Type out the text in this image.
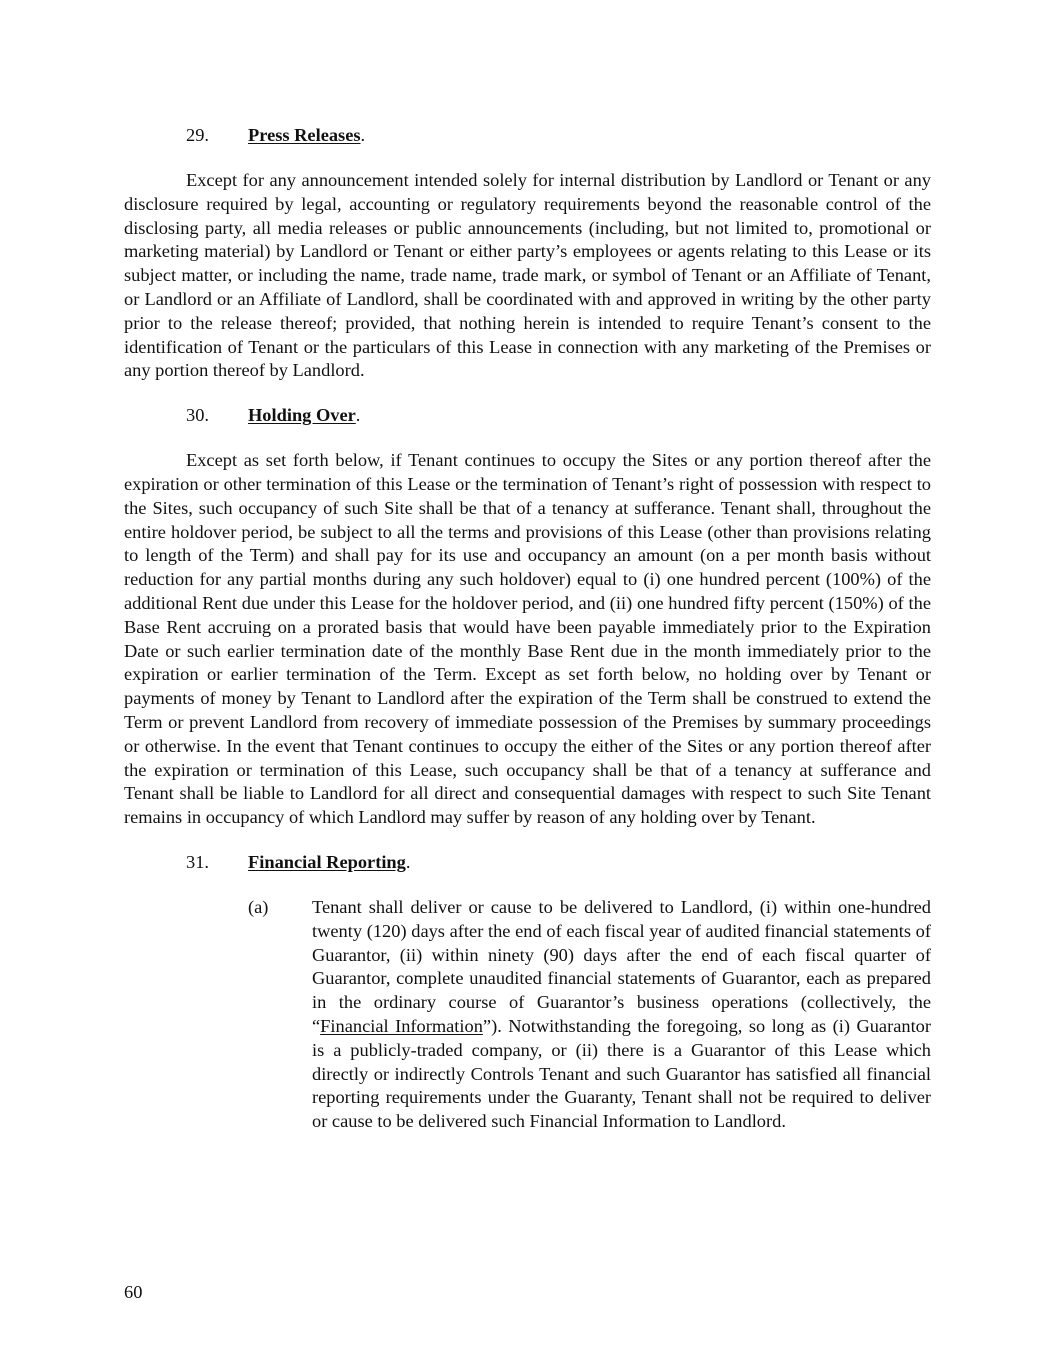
29. Press Releases.

Except for any announcement intended solely for internal distribution by Landlord or Tenant or any disclosure required by legal, accounting or regulatory requirements beyond the reasonable control of the disclosing party, all media releases or public announcements (including, but not limited to, promotional or marketing material) by Landlord or Tenant or either party’s employees or agents relating to this Lease or its subject matter, or including the name, trade name, trade mark, or symbol of Tenant or an Affiliate of Tenant, or Landlord or an Affiliate of Landlord, shall be coordinated with and approved in writing by the other party prior to the release thereof; provided, that nothing herein is intended to require Tenant’s consent to the identification of Tenant or the particulars of this Lease in connection with any marketing of the Premises or any portion thereof by Landlord.

30. Holding Over.

Except as set forth below, if Tenant continues to occupy the Sites or any portion thereof after the expiration or other termination of this Lease or the termination of Tenant’s right of possession with respect to the Sites, such occupancy of such Site shall be that of a tenancy at sufferance. Tenant shall, throughout the entire holdover period, be subject to all the terms and provisions of this Lease (other than provisions relating to length of the Term) and shall pay for its use and occupancy an amount (on a per month basis without reduction for any partial months during any such holdover) equal to (i) one hundred percent (100%) of the additional Rent due under this Lease for the holdover period, and (ii) one hundred fifty percent (150%) of the Base Rent accruing on a prorated basis that would have been payable immediately prior to the Expiration Date or such earlier termination date of the monthly Base Rent due in the month immediately prior to the expiration or earlier termination of the Term. Except as set forth below, no holding over by Tenant or payments of money by Tenant to Landlord after the expiration of the Term shall be construed to extend the Term or prevent Landlord from recovery of immediate possession of the Premises by summary proceedings or otherwise. In the event that Tenant continues to occupy the either of the Sites or any portion thereof after the expiration or termination of this Lease, such occupancy shall be that of a tenancy at sufferance and Tenant shall be liable to Landlord for all direct and consequential damages with respect to such Site Tenant remains in occupancy of which Landlord may suffer by reason of any holding over by Tenant.

31. Financial Reporting.
(a) Tenant shall deliver or cause to be delivered to Landlord, (i) within one-hundred twenty (120) days after the end of each fiscal year of audited financial statements of Guarantor, (ii) within ninety (90) days after the end of each fiscal quarter of Guarantor, complete unaudited financial statements of Guarantor, each as prepared in the ordinary course of Guarantor’s business operations (collectively, the “Financial Information”). Notwithstanding the foregoing, so long as (i) Guarantor is a publicly-traded company, or (ii) there is a Guarantor of this Lease which directly or indirectly Controls Tenant and such Guarantor has satisfied all financial reporting requirements under the Guaranty, Tenant shall not be required to deliver or cause to be delivered such Financial Information to Landlord.

60
